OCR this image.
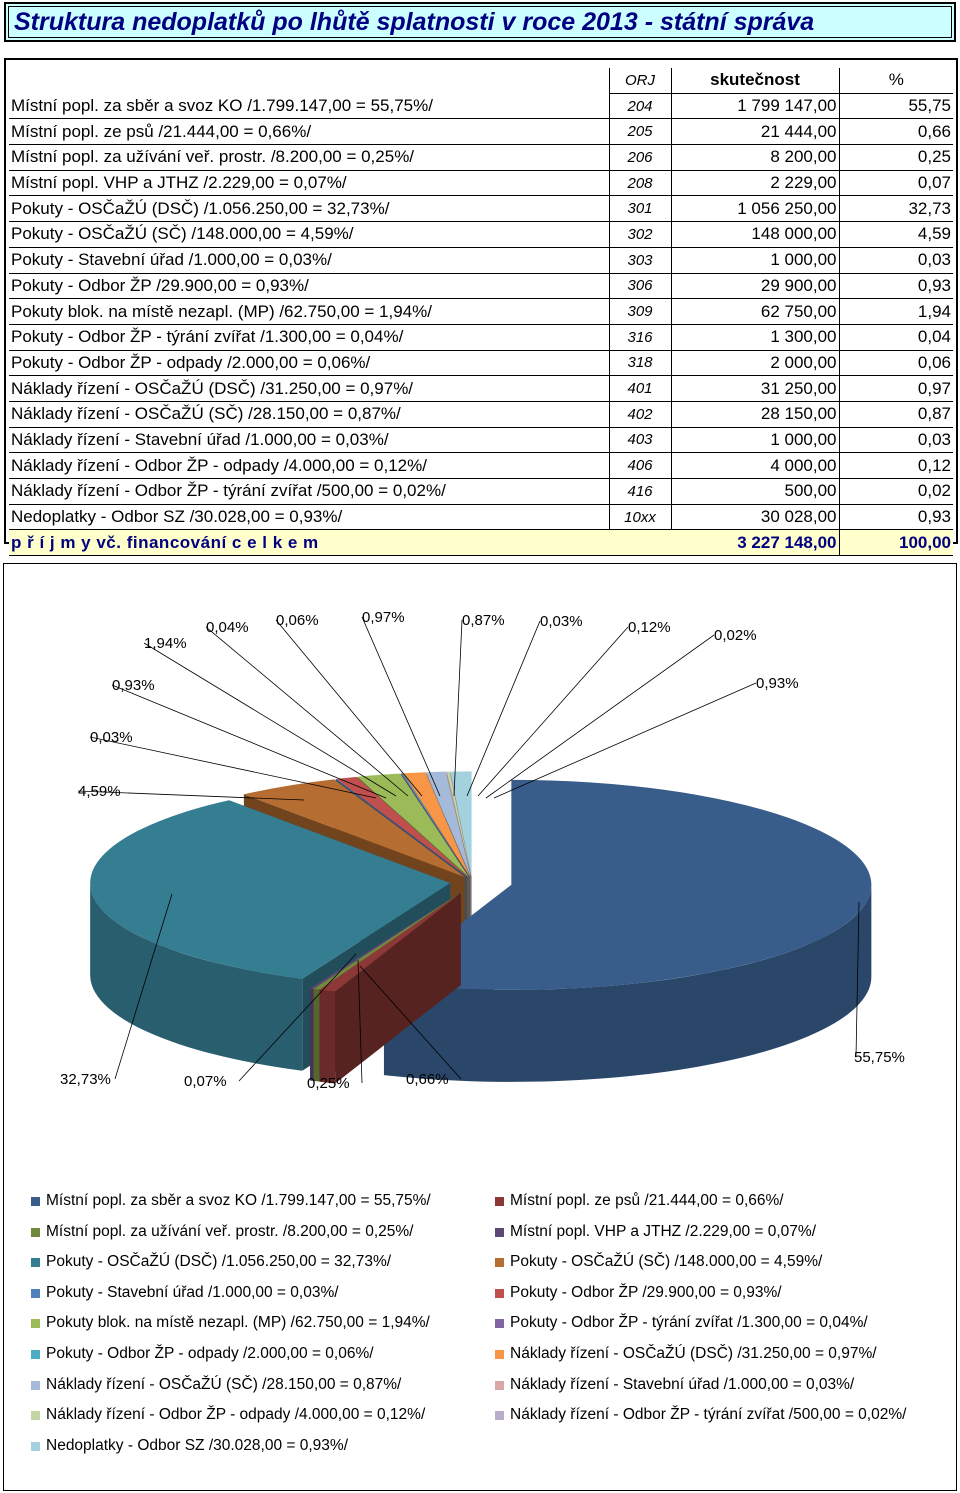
Struktura nedoplatků po lhůtě splatnosti v roce 2013 - státní správa
	ORJ	skutečnost	%
Místní popl. za sběr a svoz KO /1.799.147,00 = 55,75%/	204	1 799 147,00	55,75
Místní popl. ze psů /21.444,00 = 0,66%/	205	21 444,00	0,66
Místní popl. za užívání veř. prostr. /8.200,00 = 0,25%/	206	8 200,00	0,25
Místní popl. VHP a JTHZ /2.229,00 = 0,07%/	208	2 229,00	0,07
Pokuty - OSČaŽÚ (DSČ) /1.056.250,00 = 32,73%/	301	1 056 250,00	32,73
Pokuty - OSČaŽÚ (SČ) /148.000,00 = 4,59%/	302	148 000,00	4,59
Pokuty - Stavební úřad /1.000,00 = 0,03%/	303	1 000,00	0,03
Pokuty - Odbor ŽP /29.900,00 = 0,93%/	306	29 900,00	0,93
Pokuty blok. na místě nezapl. (MP) /62.750,00 = 1,94%/	309	62 750,00	1,94
Pokuty - Odbor ŽP - týrání zvířat /1.300,00 = 0,04%/	316	1 300,00	0,04
Pokuty - Odbor ŽP - odpady /2.000,00 = 0,06%/	318	2 000,00	0,06
Náklady řízení - OSČaŽÚ (DSČ) /31.250,00 = 0,97%/	401	31 250,00	0,97
Náklady řízení - OSČaŽÚ (SČ) /28.150,00 = 0,87%/	402	28 150,00	0,87
Náklady řízení - Stavební úřad /1.000,00 = 0,03%/	403	1 000,00	0,03
Náklady řízení - Odbor ŽP - odpady /4.000,00 = 0,12%/	406	4 000,00	0,12
Náklady řízení - Odbor ŽP - týrání zvířat /500,00 = 0,02%/	416	500,00	0,02
Nedoplatky - Odbor SZ /30.028,00 = 0,93%/	10xx	30 028,00	0,93
p ř í j m y vč. financování c e l k e m		3 227 148,00	100,00
55,75%
0,66%
0,25%
0,07%
32,73%
4,59%
0,03%
0,93%
1,94%
0,04% 0,06%	0,97%	0,87% 0,03%	0,12%	0,02%
0,93%
Místní popl. za sběr a svoz KO /1.799.147,00 = 55,75%/	Místní popl. ze psů /21.444,00 = 0,66%/
Místní popl. za užívání veř. prostr. /8.200,00 = 0,25%/	Místní popl. VHP a JTHZ /2.229,00 = 0,07%/
Pokuty - OSČaŽÚ (DSČ) /1.056.250,00 = 32,73%/	Pokuty - OSČaŽÚ (SČ) /148.000,00 = 4,59%/
Pokuty - Stavební úřad /1.000,00 = 0,03%/	Pokuty - Odbor ŽP /29.900,00 = 0,93%/
Pokuty blok. na místě nezapl. (MP) /62.750,00 = 1,94%/	Pokuty - Odbor ŽP - týrání zvířat /1.300,00 = 0,04%/
Pokuty - Odbor ŽP - odpady /2.000,00 = 0,06%/	Náklady řízení - OSČaŽÚ (DSČ) /31.250,00 = 0,97%/
Náklady řízení - OSČaŽÚ (SČ) /28.150,00 = 0,87%/	Náklady řízení - Stavební úřad /1.000,00 = 0,03%/
Náklady řízení - Odbor ŽP - odpady /4.000,00 = 0,12%/	Náklady řízení - Odbor ŽP - týrání zvířat /500,00 = 0,02%/
Nedoplatky - Odbor SZ /30.028,00 = 0,93%/
